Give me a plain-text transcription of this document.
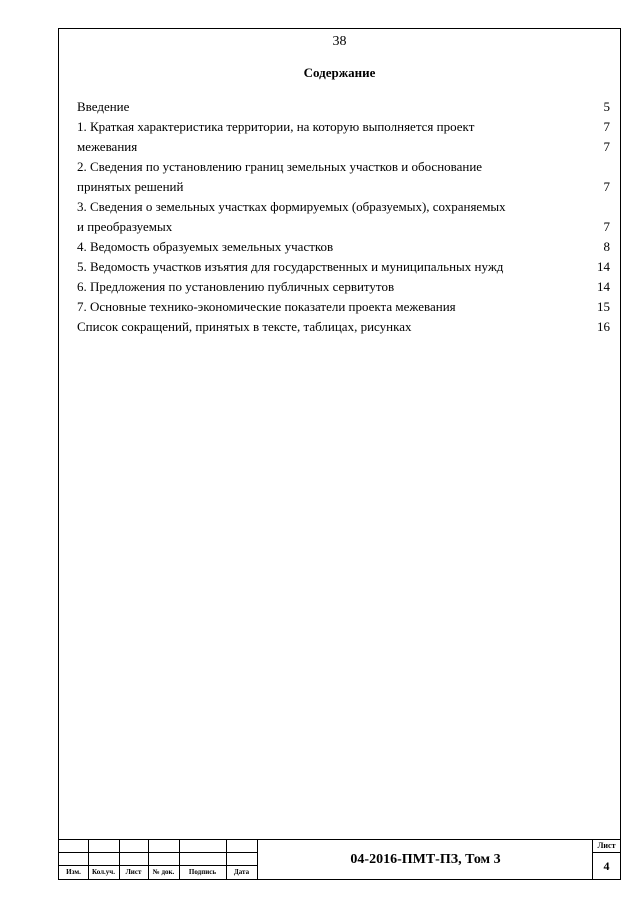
38
Содержание
Введение	5
1. Краткая характеристика территории, на которую выполняется проект	7
межевания	7
2. Сведения по установлению границ земельных участков и обоснование
принятых решений	7
3. Сведения о земельных участках формируемых (образуемых), сохраняемых
и преобразуемых	7
4. Ведомость образуемых земельных участков	8
5. Ведомость участков изъятия для государственных и муниципальных нужд	14
6. Предложения по установлению публичных сервитутов	14
7. Основные технико-экономические показатели проекта межевания	15
Список сокращений, принятых в тексте, таблицах, рисунках	16
Изм.	Кол.уч.	Лист	№ док.	Подпись	Дата
04-2016-ПМТ-ПЗ, Том 3
Лист
4
